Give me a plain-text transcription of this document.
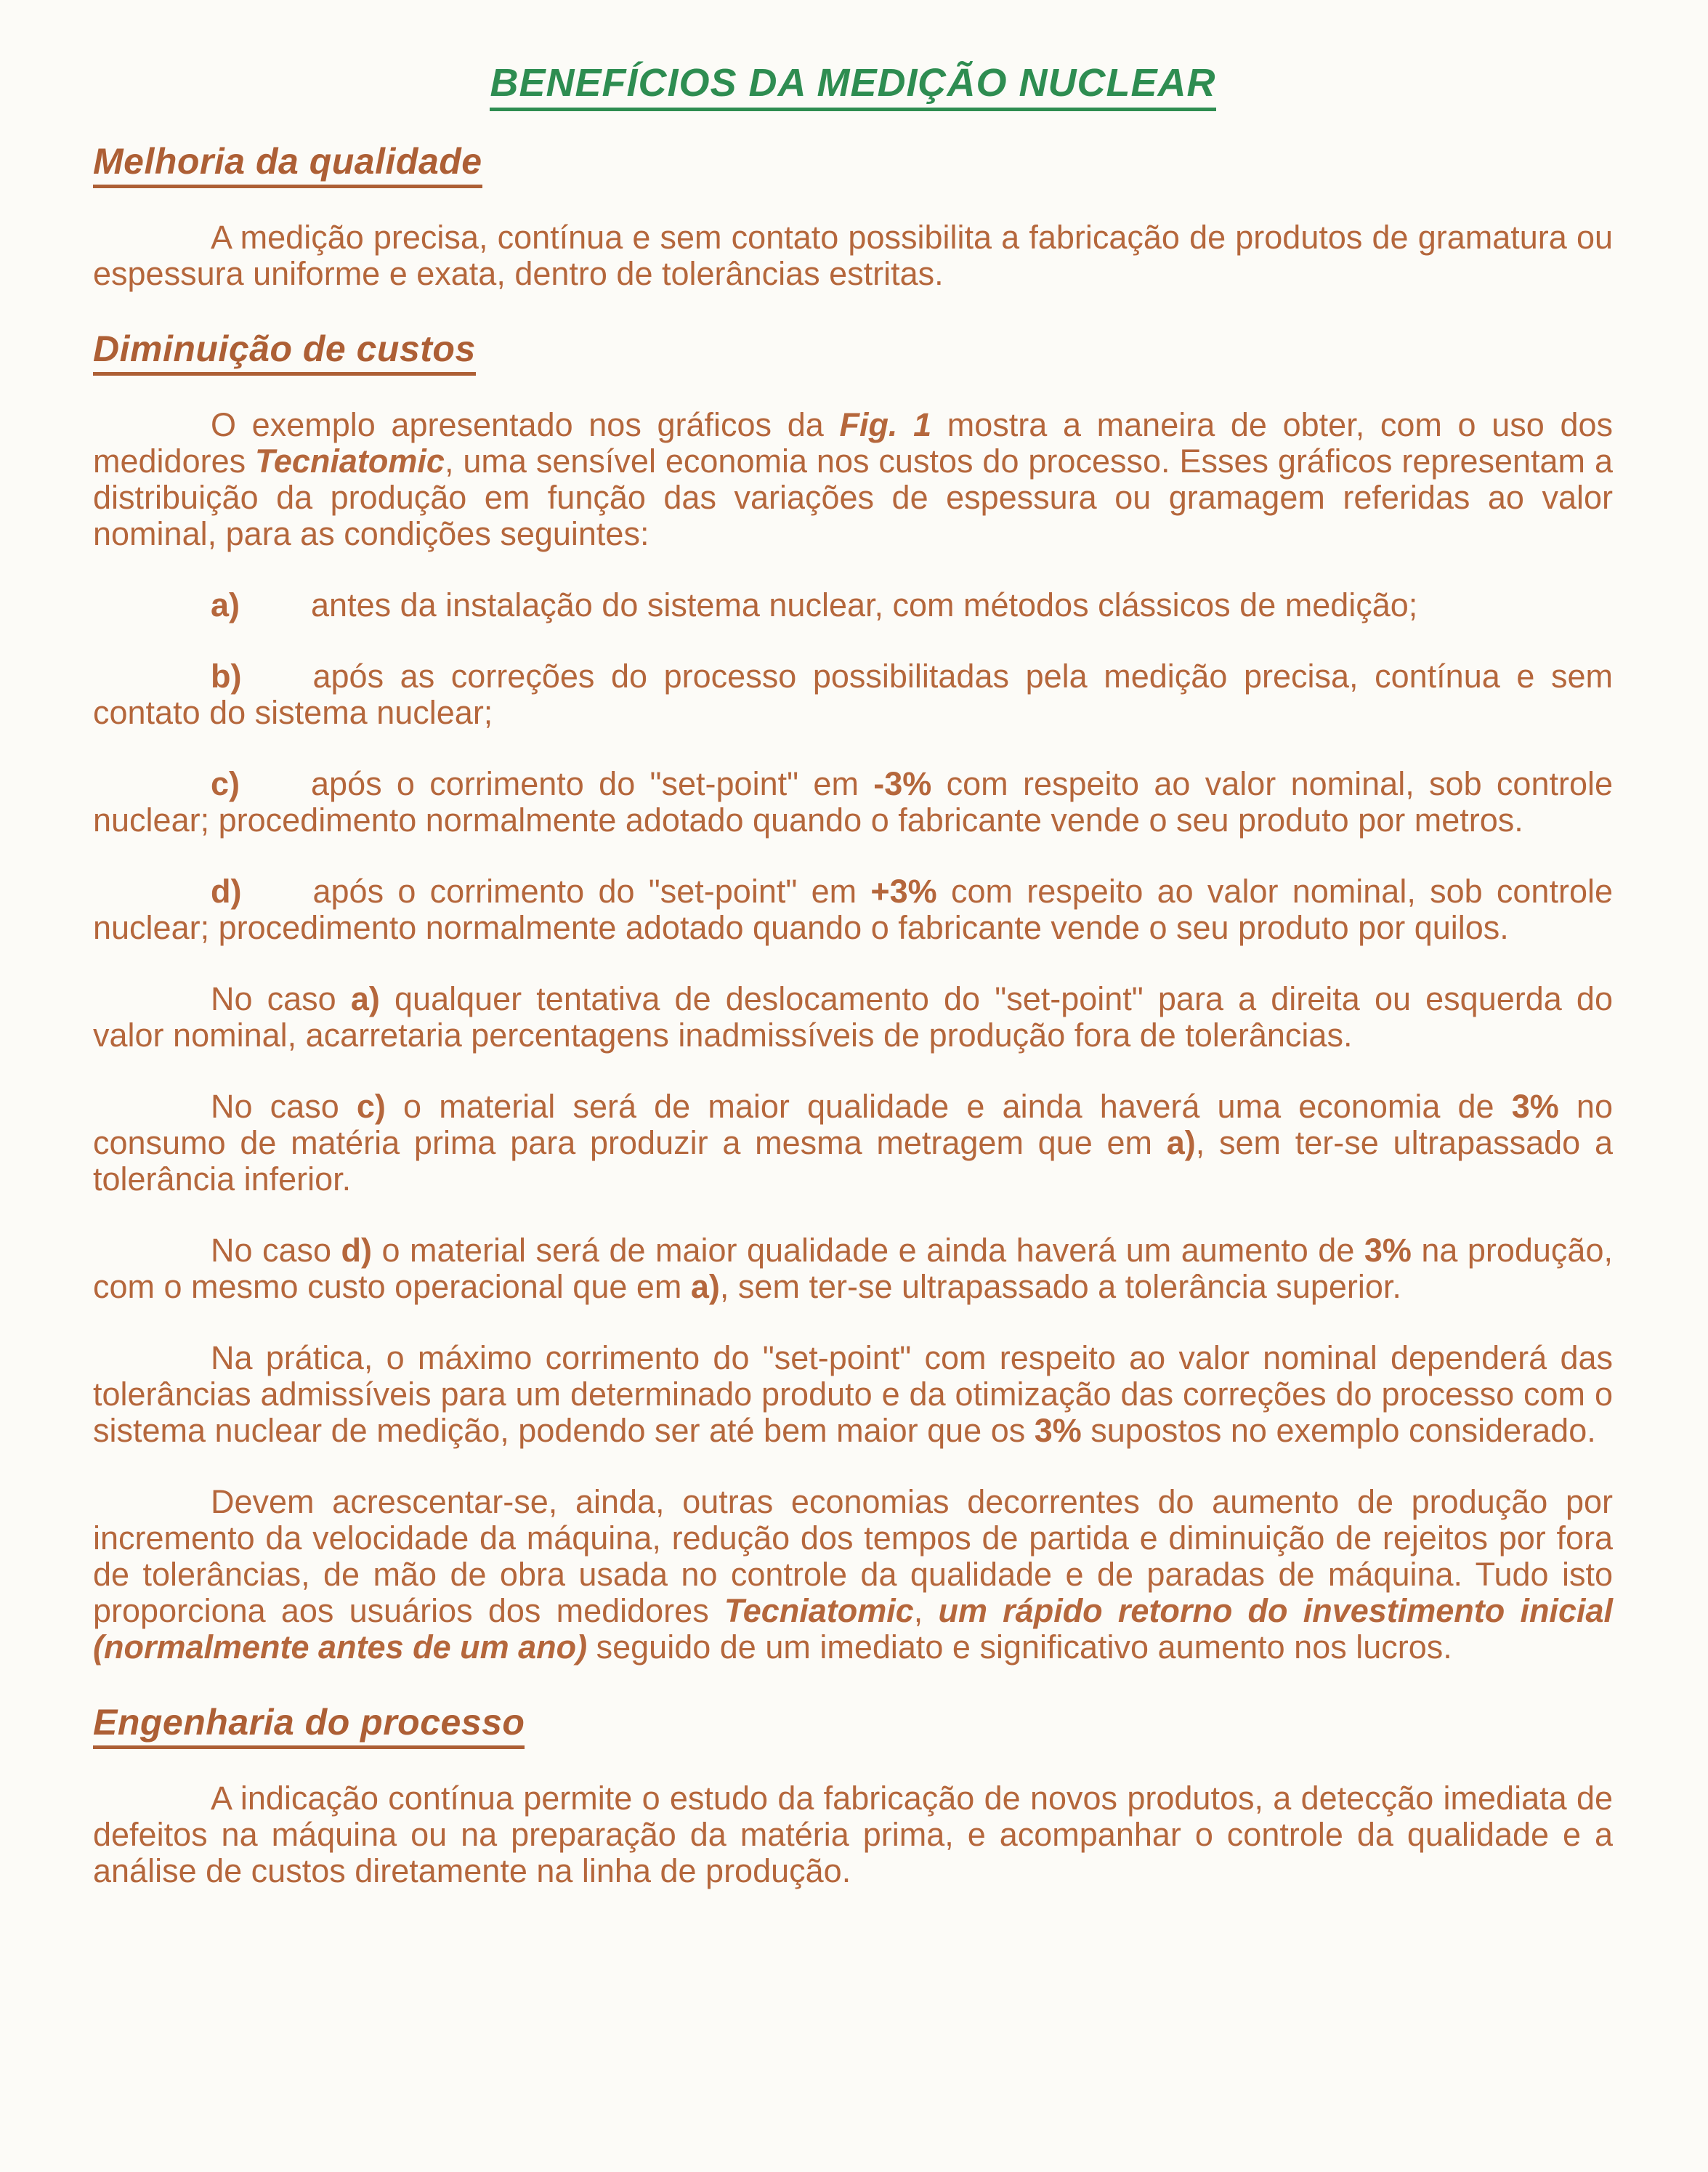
BENEFÍCIOS DA MEDIÇÃO NUCLEAR
Melhoria da qualidade

A medição precisa, contínua e sem contato possibilita a fabricação de produtos de gramatura ou espessura uniforme e exata, dentro de tolerâncias estritas.

Diminuição de custos

O exemplo apresentado nos gráficos da Fig. 1 mostra a maneira de obter, com o uso dos medidores Tecniatomic, uma sensível economia nos custos do processo. Esses gráficos representam a distribuição da produção em função das variações de espessura ou gramagem referidas ao valor nominal, para as condições seguintes:

a) antes da instalação do sistema nuclear, com métodos clássicos de medição;

b) após as correções do processo possibilitadas pela medição precisa, contínua e sem contato do sistema nuclear;

c) após o corrimento do "set-point" em -3% com respeito ao valor nominal, sob controle nuclear; procedimento normalmente adotado quando o fabricante vende o seu produto por metros.

d) após o corrimento do "set-point" em +3% com respeito ao valor nominal, sob controle nuclear; procedimento normalmente adotado quando o fabricante vende o seu produto por quilos.

No caso a) qualquer tentativa de deslocamento do "set-point" para a direita ou esquerda do valor nominal, acarretaria percentagens inadmissíveis de produção fora de tolerâncias.

No caso c) o material será de maior qualidade e ainda haverá uma economia de 3% no consumo de matéria prima para produzir a mesma metragem que em a), sem ter-se ultrapassado a tolerância inferior.

No caso d) o material será de maior qualidade e ainda haverá um aumento de 3% na produção, com o mesmo custo operacional que em a), sem ter-se ultrapassado a tolerância superior.

Na prática, o máximo corrimento do "set-point" com respeito ao valor nominal dependerá das tolerâncias admissíveis para um determinado produto e da otimização das correções do processo com o sistema nuclear de medição, podendo ser até bem maior que os 3% supostos no exemplo considerado.

Devem acrescentar-se, ainda, outras economias decorrentes do aumento de produção por incremento da velocidade da máquina, redução dos tempos de partida e diminuição de rejeitos por fora de tolerâncias, de mão de obra usada no controle da qualidade e de paradas de máquina. Tudo isto proporciona aos usuários dos medidores Tecniatomic, um rápido retorno do investimento inicial (normalmente antes de um ano) seguido de um imediato e significativo aumento nos lucros.

Engenharia do processo

A indicação contínua permite o estudo da fabricação de novos produtos, a detecção imediata de defeitos na máquina ou na preparação da matéria prima, e acompanhar o controle da qualidade e a análise de custos diretamente na linha de produção.
